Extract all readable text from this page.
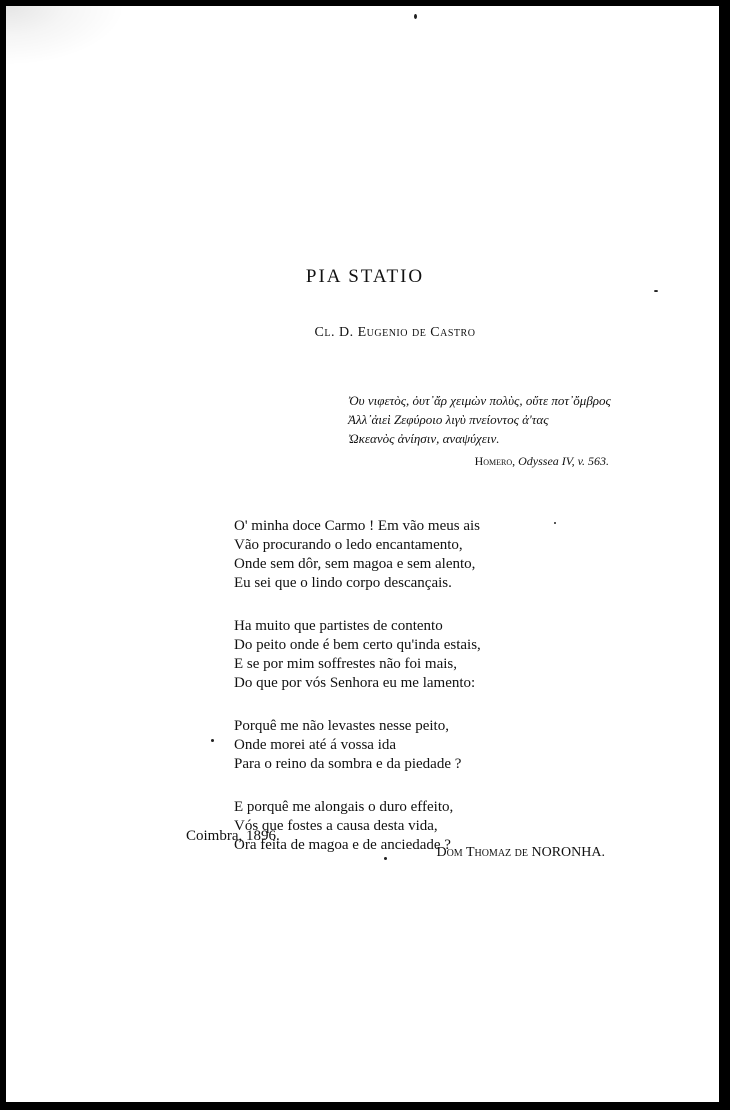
PIA STATIO
Cl. D. Eugenio de Castro
Ὀυ νιφετὸς, ὀυτ᾽ἄρ χειμὼν πολὺς, οὔτε ποτ᾽ὄμβρος
Ἀλλ᾽ἀιεὶ Ζεφύροιο λιγὺ πνείοντος ἀ'τας
Ὠκεανὸς ἀνίησιν, αναψύχειν.
Homero, Odyssea IV, v. 563.
O' minha doce Carmo ! Em vão meus ais
Vão procurando o ledo encantamento,
Onde sem dôr, sem magoa e sem alento,
Eu sei que o lindo corpo descançais.
Ha muito que partistes de contento
Do peito onde é bem certo qu'inda estais,
E se por mim soffrestes não foi mais,
Do que por vós Senhora eu me lamento:
Porquê me não levastes nesse peito,
Onde morei até á vossa ida
Para o reino da sombra e da piedade ?
E porquê me alongais o duro effeito,
Vós que fostes a causa desta vida,
Ora feita de magoa e de anciedade ?
Coimbra, 1896.
Dom Thomaz de NORONHA.
